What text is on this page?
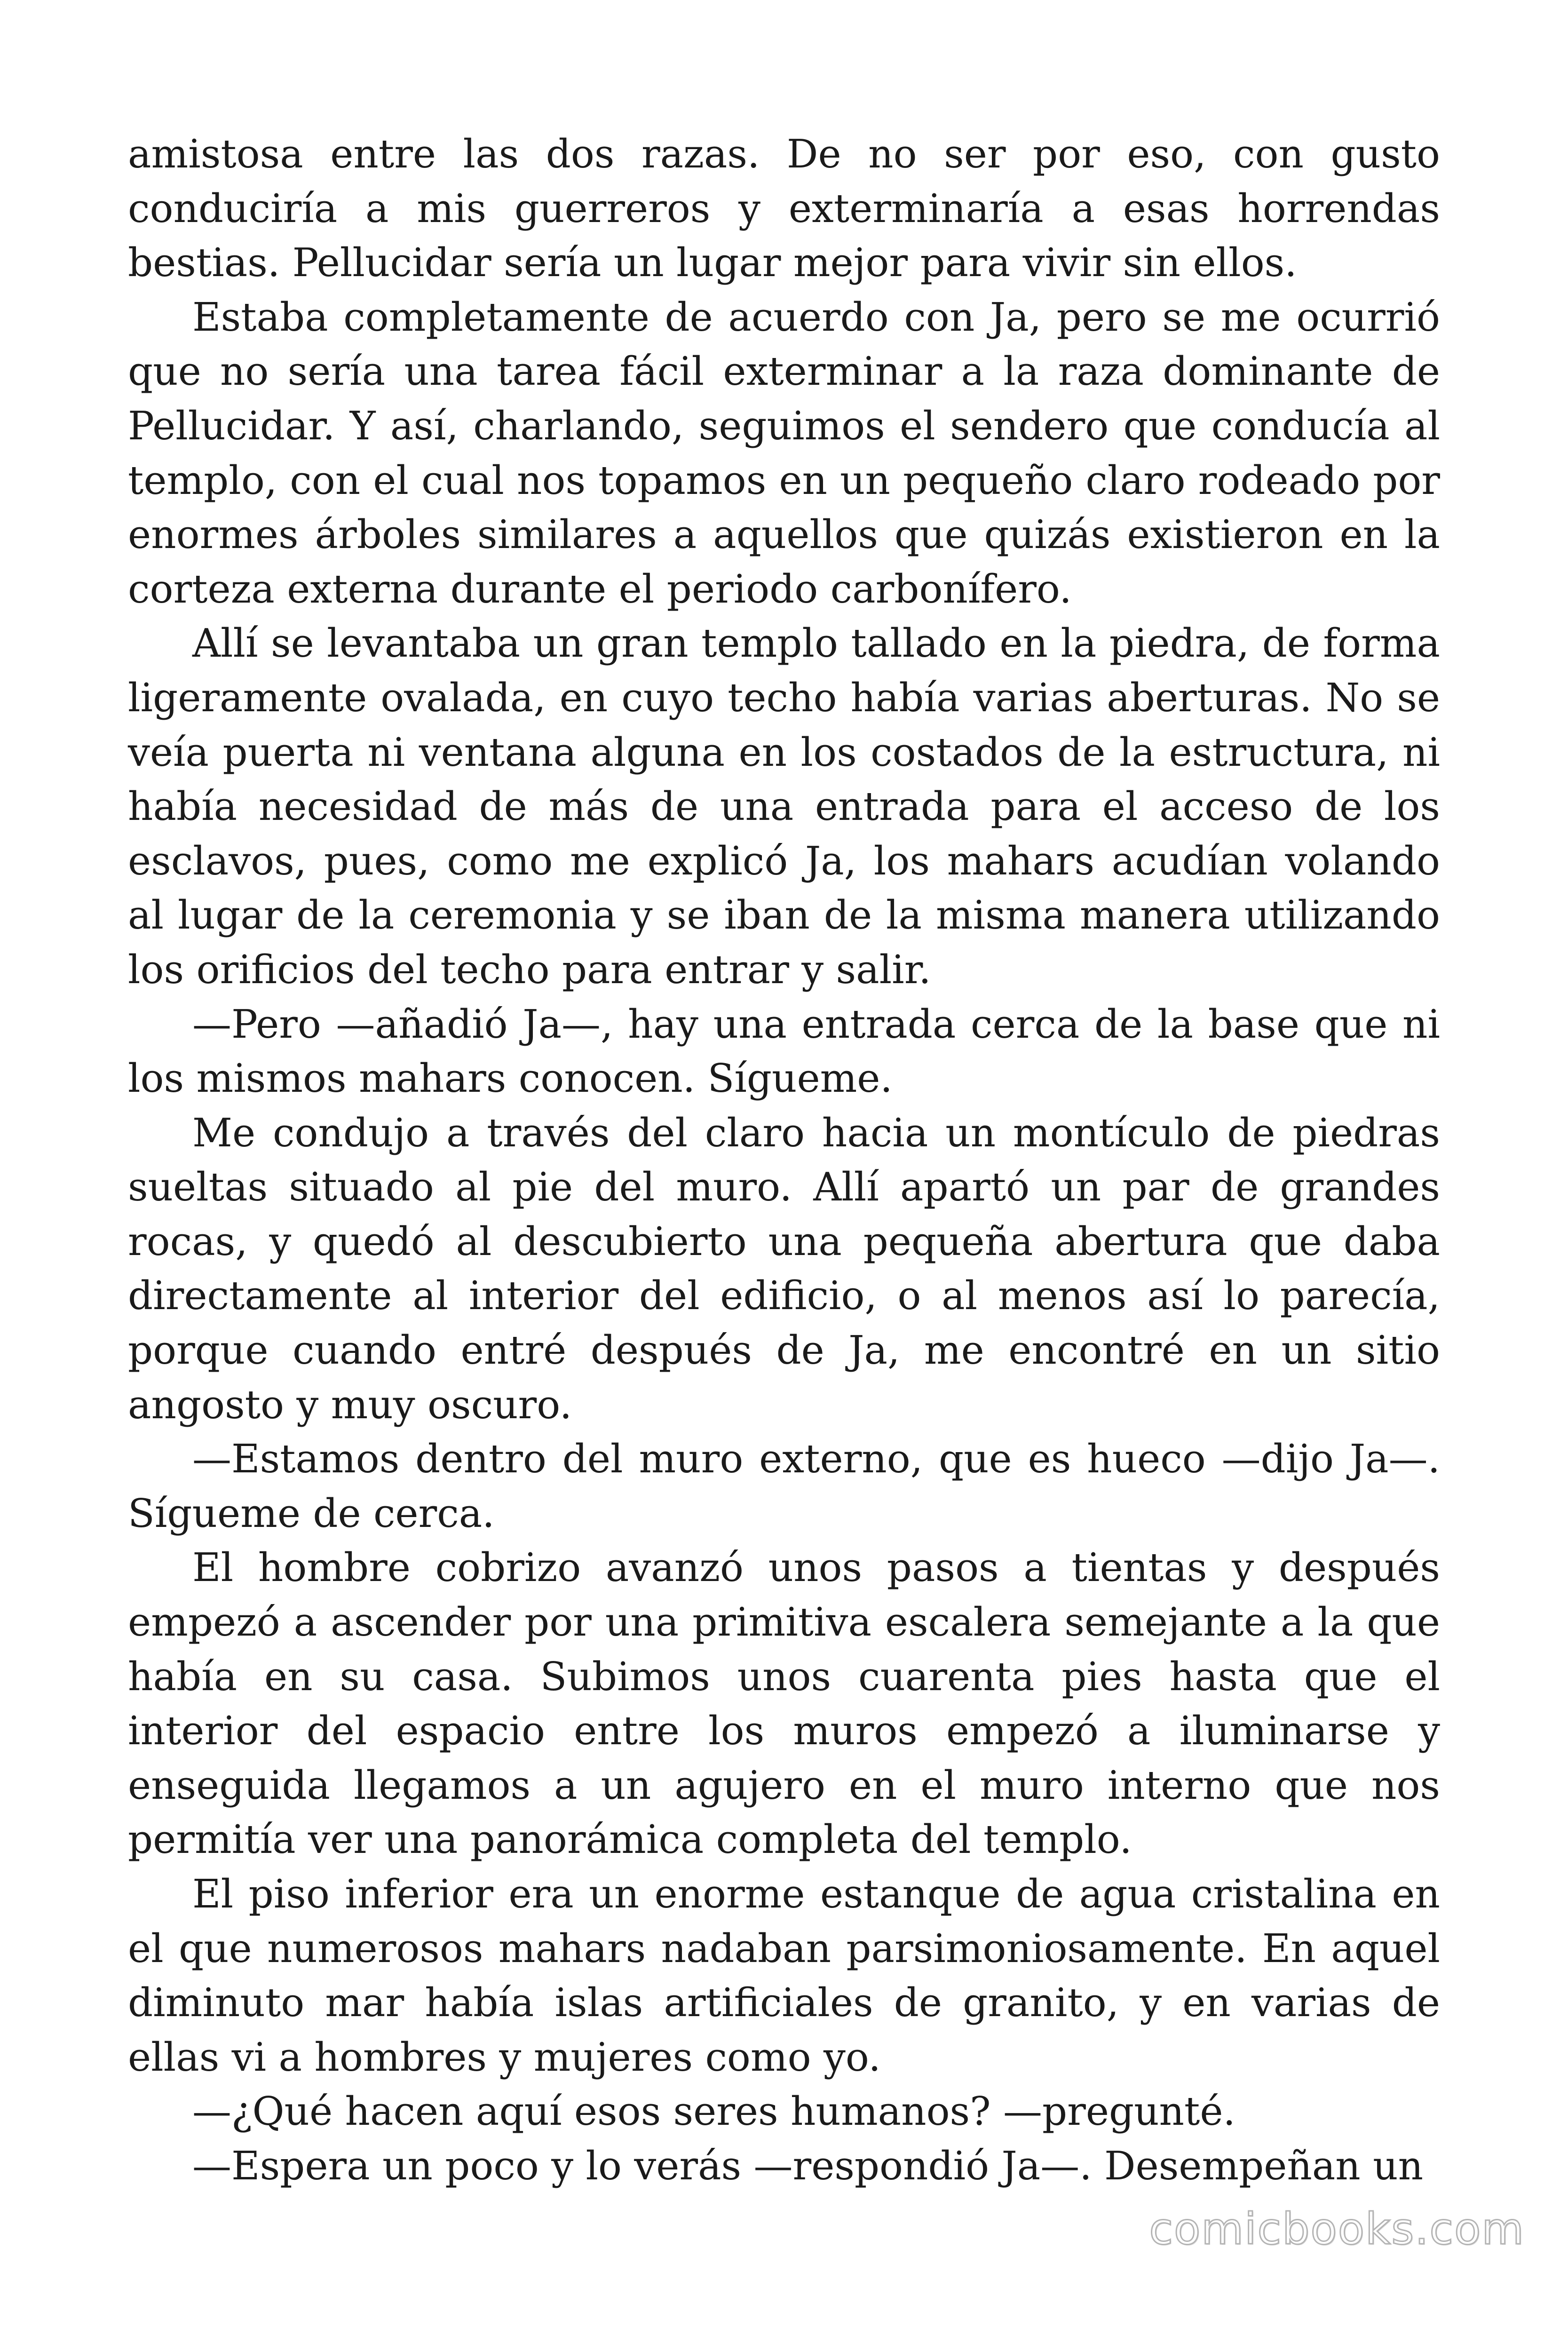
amistosa entre las dos razas. De no ser por eso, con gusto conduciría a mis guerreros y exterminaría a esas horrendas bestias. Pellucidar sería un lugar mejor para vivir sin ellos.

Estaba completamente de acuerdo con Ja, pero se me ocurrió que no sería una tarea fácil exterminar a la raza dominante de Pellucidar. Y así, charlando, seguimos el sendero que conducía al templo, con el cual nos topamos en un pequeño claro rodeado por enormes árboles similares a aquellos que quizás existieron en la corteza externa durante el periodo carbonífero.

Allí se levantaba un gran templo tallado en la piedra, de forma ligeramente ovalada, en cuyo techo había varias aberturas. No se veía puerta ni ventana alguna en los costados de la estructura, ni había necesidad de más de una entrada para el acceso de los esclavos, pues, como me explicó Ja, los mahars acudían volando al lugar de la ceremonia y se iban de la misma manera utilizando los orificios del techo para entrar y salir.

—Pero —añadió Ja—, hay una entrada cerca de la base que ni los mismos mahars conocen. Sígueme.

Me condujo a través del claro hacia un montículo de piedras sueltas situado al pie del muro. Allí apartó un par de grandes rocas, y quedó al descubierto una pequeña abertura que daba directamente al interior del edificio, o al menos así lo parecía, porque cuando entré después de Ja, me encontré en un sitio angosto y muy oscuro.

—Estamos dentro del muro externo, que es hueco —dijo Ja—. Sígueme de cerca.

El hombre cobrizo avanzó unos pasos a tientas y después empezó a ascender por una primitiva escalera semejante a la que había en su casa. Subimos unos cuarenta pies hasta que el interior del espacio entre los muros empezó a iluminarse y enseguida llegamos a un agujero en el muro interno que nos permitía ver una panorámica completa del templo.

El piso inferior era un enorme estanque de agua cristalina en el que numerosos mahars nadaban parsimoniosamente. En aquel diminuto mar había islas artificiales de granito, y en varias de ellas vi a hombres y mujeres como yo.

—¿Qué hacen aquí esos seres humanos? —pregunté.

—Espera un poco y lo verás —respondió Ja—. Desempeñan un

comicbooks.com
